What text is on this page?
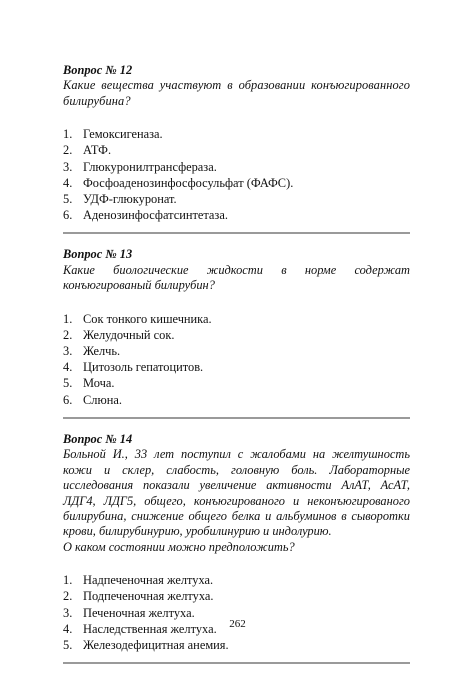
Вопрос № 12

Какие вещества участвуют в образовании конъюгированного билирубина?

1. Гемоксигеназа.
2. АТФ.
3. Глюкуронилтрансфераза.
4. Фосфоаденозинфосфосульфат (ФАФС).
5. УДФ-глюкуронат.
6. Аденозинфосфатсинтетаза.

Вопрос № 13

Какие биологические жидкости в норме содержат конъюгированый билирубин?

1. Сок тонкого кишечника.
2. Желудочный сок.
3. Желчь.
4. Цитозоль гепатоцитов.
5. Моча.
6. Слюна.

Вопрос № 14

Больной И., 33 лет поступил с жалобами на желтушность кожи и склер, слабость, головную боль. Лабораторные исследования показали увеличение активности АлАТ, АсАТ, ЛДГ4, ЛДГ5, общего, конъюгированого и неконъюгированого билирубина, снижение общего белка и альбуминов в сыворотки крови, билирубинурию, уробилинурию и индолурию.

О каком состоянии можно предположить?

1. Надпеченочная желтуха.
2. Подпеченочная желтуха.
3. Печеночная желтуха.
4. Наследственная желтуха.
5. Железодефицитная анемия.
262
